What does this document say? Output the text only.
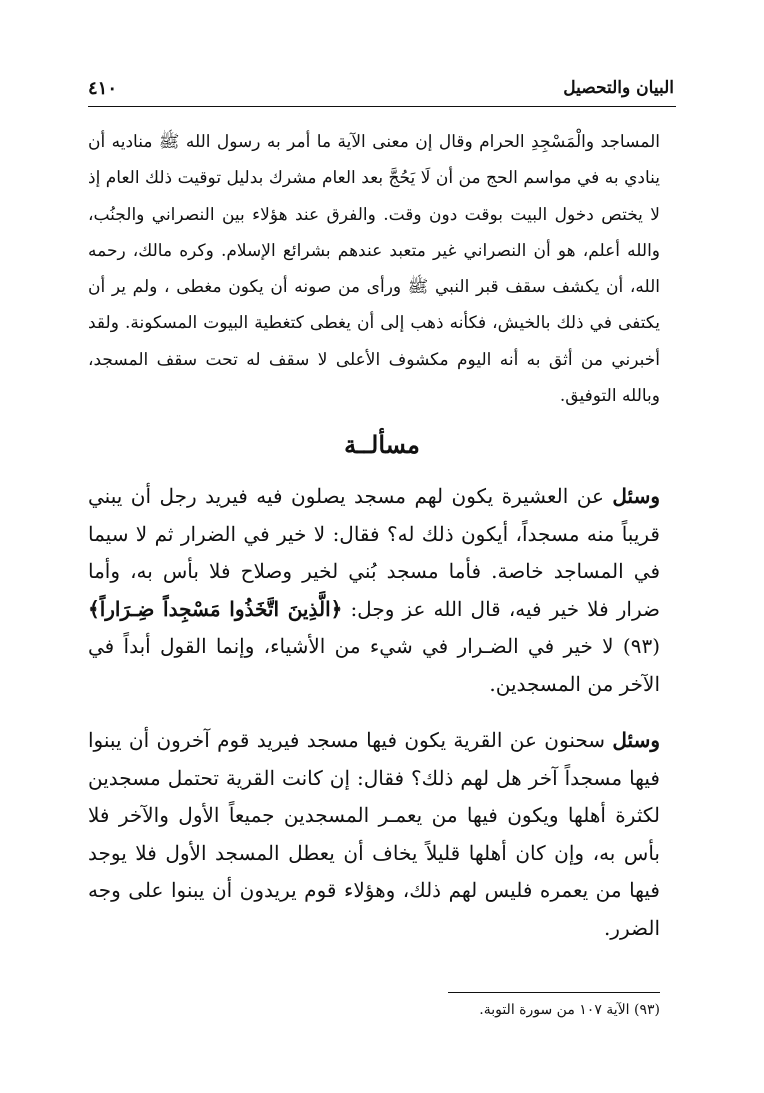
البيان والتحصيل
٤١٠

المساجد والْمَسْجِدِ الحرام وقال إن معنى الآية ما أمر به رسول الله ﷺ مناديه أن ينادي به في مواسم الحج من أن لَا يَحُجَّ بعد العام مشرك بدليل توقيت ذلك العام إذ لا يختص دخول البيت بوقت دون وقت. والفرق عند هؤلاء بين النصراني والجنُب، والله أعلم، هو أن النصراني غير متعبد عندهم بشرائع الإسلام. وكره مالك، رحمه الله، أن يكشف سقف قبر النبي ﷺ ورأى من صونه أن يكون مغطى ، ولم ير أن يكتفى في ذلك بالخيش، فكأنه ذهب إلى أن يغطى كتغطية البيوت المسكونة. ولقد أخبرني من أثق به أنه اليوم مكشوف الأعلى لا سقف له تحت سقف المسجد، وبالله التوفيق.

مسألــة
وسئل عن العشيرة يكون لهم مسجد يصلون فيه فيريد رجل أن يبني قريباً منه مسجداً، أيكون ذلك له؟ فقال: لا خير في الضرار ثم لا سيما في المساجد خاصة. فأما مسجد بُني لخير وصلاح فلا بأس به، وأما ضرار فلا خير فيه، قال الله عز وجل: ﴿الَّذِينَ اتَّخَذُوا مَسْجِداً ضِـرَاراً﴾(٩٣) لا خير في الضـرار في شيء من الأشياء، وإنما القول أبداً في الآخر من المسجدين.
وسئل سحنون عن القرية يكون فيها مسجد فيريد قوم آخرون أن يبنوا فيها مسجداً آخر هل لهم ذلك؟ فقال: إن كانت القرية تحتمل مسجدين لكثرة أهلها ويكون فيها من يعمـر المسجدين جميعاً الأول والآخر فلا بأس به، وإن كان أهلها قليلاً يخاف أن يعطل المسجد الأول فلا يوجد فيها من يعمره فليس لهم ذلك، وهؤلاء قوم يريدون أن يبنوا على وجه الضرر.
(٩٣) الآية ١٠٧ من سورة التوبة.
